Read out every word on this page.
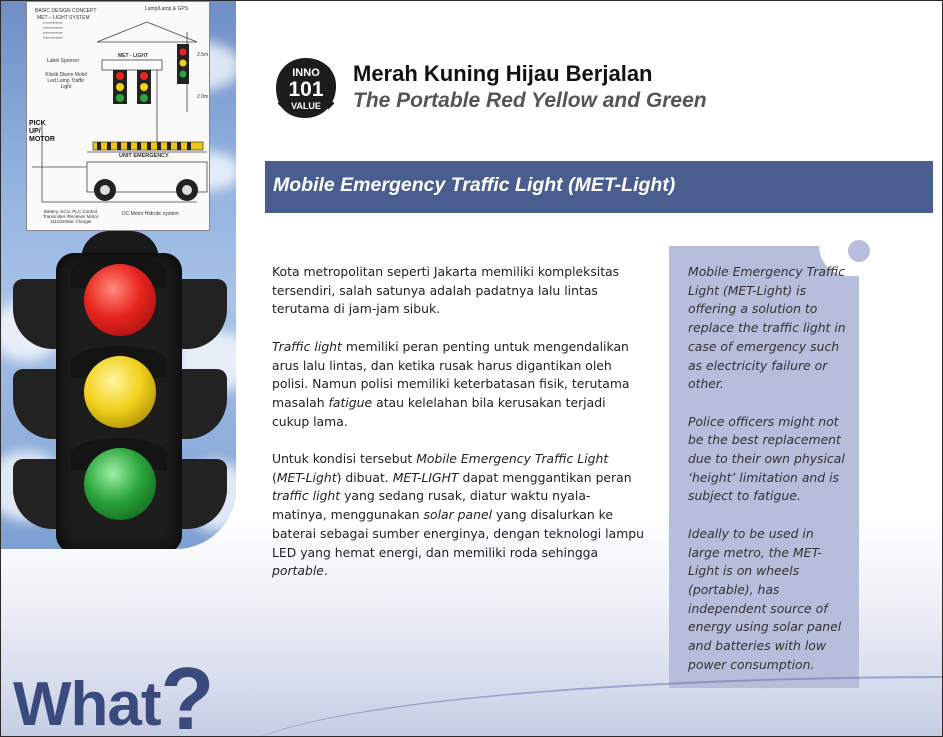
BASIC DESIGN CONCEPT
MET – LIGHT SYSTEM
Lamp/Lamp & GPS
▪▪▪▪▪▪▪▪▪▪▪▪▪▪
▪▪▪▪▪▪▪▪▪▪▪▪▪▪
▪▪▪▪▪▪▪▪▪▪▪▪▪▪
▪▪▪▪▪▪▪▪▪▪▪▪▪▪
MET - LIGHT
Label Sponsor
Klisiik Diwon Mobil Led Lamp Traffic Light
2.5m
2.0m
PICK UP/ MOTOR
UNIT EMERGENCY
Battery, ECU, PLC Control, Transmitter /Receiver Motor, 11103209ac Charger
DC Motor Hidrolic system
INNO
101
VALUE
Merah Kuning Hijau Berjalan
The Portable Red Yellow and Green
Mobile Emergency Traffic Light (MET-Light)

Kota metropolitan seperti Jakarta memiliki kompleksitas tersendiri, salah satunya adalah padatnya lalu lintas terutama di jam-jam sibuk.

Traffic light memiliki peran penting untuk mengendalikan arus lalu lintas, dan ketika rusak harus digantikan oleh polisi. Namun polisi memiliki keterbatasan fisik, terutama masalah fatigue atau kelelahan bila kerusakan terjadi cukup lama.

Untuk kondisi tersebut Mobile Emergency Traffic Light (MET-Light) dibuat. MET-LIGHT dapat menggantikan peran traffic light yang sedang rusak, diatur waktu nyala-matinya, menggunakan solar panel yang disalurkan ke baterai sebagai sumber energinya, dengan teknologi lampu LED yang hemat energi, dan memiliki roda sehingga portable.

Mobile Emergency Traffic Light (MET-Light) is offering a solution to replace the traffic light in case of emergency such as electricity failure or other.

Police officers might not be the best replacement due to their own physical ‘height’ limitation and is subject to fatigue.

Ideally to be used in large metro, the MET-Light is on wheels (portable), has independent source of energy using solar panel and batteries with low power consumption.

What?
